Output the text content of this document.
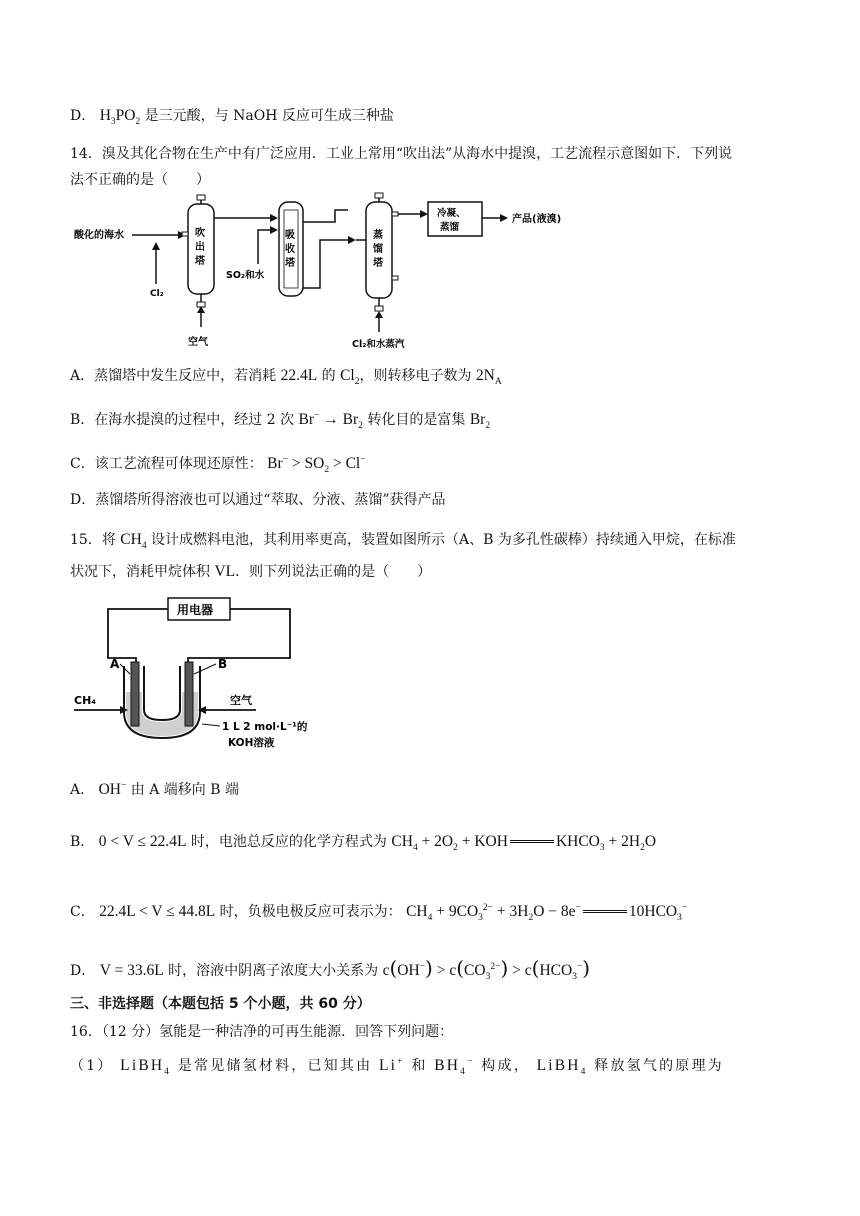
D． $H_3PO_2$ 是三元酸，与 NaOH 反应可生成三种盐
14．溴及其化合物在生产中有广泛应用．工业上常用“吹出法”从海水中提溴，工艺流程示意图如下．下列说
法不正确的是（　　）
酸化的海水
Cl₂
吹
出
塔
空气
SO₂和水
吸
收
塔
蒸
馏
塔
Cl₂和水蒸汽
冷凝、
蒸馏
产品(液溴)
A．蒸馏塔中发生反应中，若消耗 22.4L 的 $Cl_2$，则转移电子数为 $2N_A$
B．在海水提溴的过程中，经过 2 次 $Br^- \to Br_2$ 转化目的是富集 $Br_2$
C．该工艺流程可体现还原性： $Br^- > SO_2 > Cl^-$
D．蒸馏塔所得溶液也可以通过“萃取、分液、蒸馏”获得产品
15．将 $CH_4$ 设计成燃料电池，其利用率更高，装置如图所示（A、B 为多孔性碳棒）持续通入甲烷，在标准
状况下，消耗甲烷体积 VL．则下列说法正确的是（　　）
用电器
A	B
CH₄	空气
1 L 2 mol·L⁻¹的
KOH溶液
A． OH− 由 A 端移向 B 端
B． 0 < V ≤ 22.4L 时，电池总反应的化学方程式为 $CH_4 + 2O_2$ + KOH	$KHCO_3 + 2H_2O$
C． 22.4L < V ≤ 44.8L 时，负极电极反应可表示为： $CH_4 + 9CO_3^{2-} + 3H_2O - 8e^-$	$10HCO_3^-$
D． V = 33.6L 时，溶液中阴离子浓度大小关系为 $c(OH^-) > c(CO_3^{2-}) > c(HCO_3^-)$
三、非选择题（本题包括 5 个小题，共 60 分）
16．（12 分）氢能是一种洁净的可再生能源．回答下列问题：
（1） LiBH$_4$ 是常见储氢材料，已知其由 Li+ 和 $BH_4^-$ 构成， LiBH$_4$ 释放氢气的原理为
